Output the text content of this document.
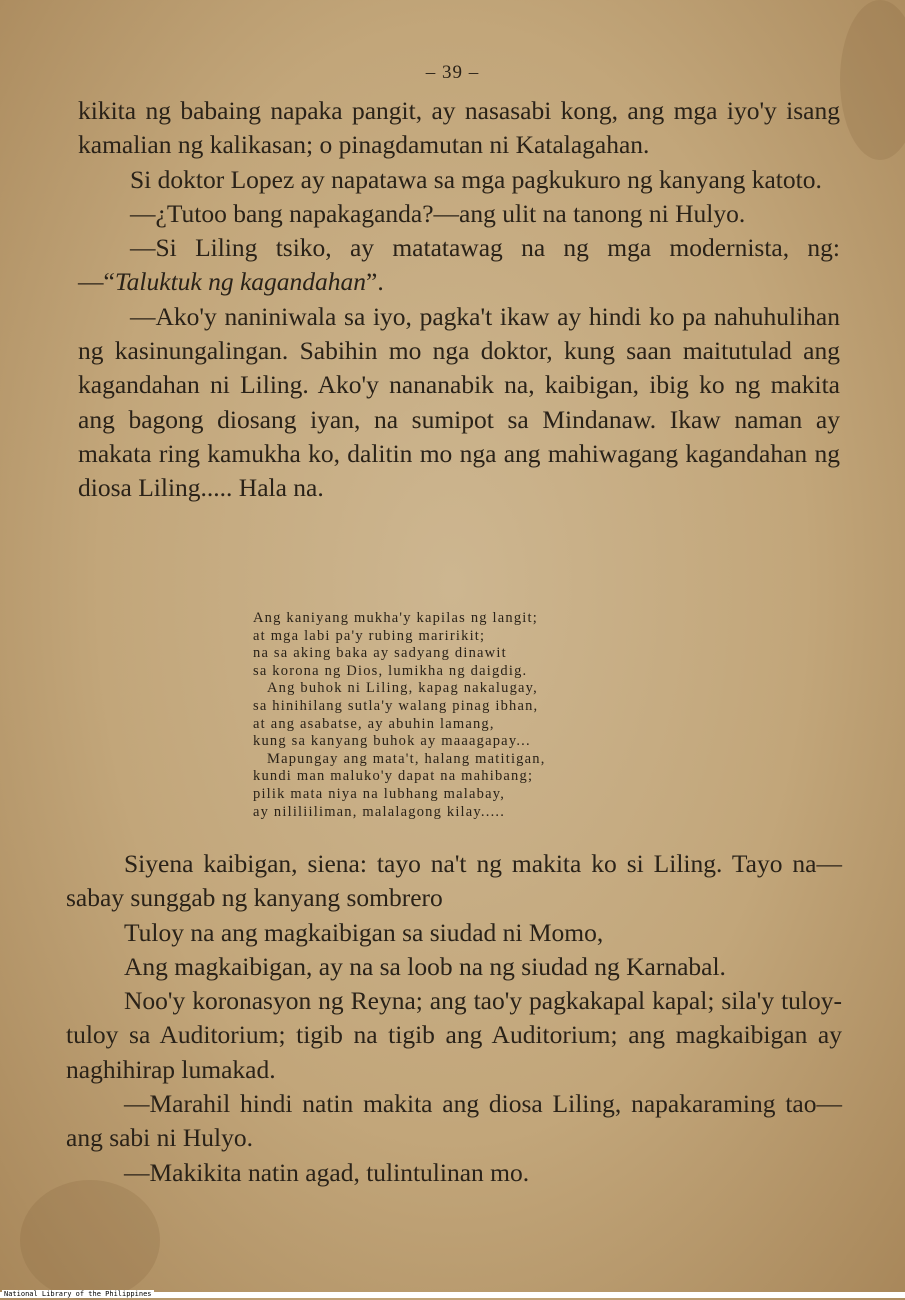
– 39 –

kikita ng babaing napaka pangit, ay nasasabi kong, ang mga iyo'y isang kamalian ng kalikasan; o pinagdamutan ni Katalagahan.

Si doktor Lopez ay napatawa sa mga pagkukuro ng kanyang katoto.

—¿Tutoo bang napakaganda?—ang ulit na tanong ni Hulyo.

—Si Liling tsiko, ay matatawag na ng mga modernista, ng:—“Taluktuk ng kagandahan”.

—Ako'y naniniwala sa iyo, pagka't ikaw ay hindi ko pa nahuhulihan ng kasinungalingan. Sabihin mo nga doktor, kung saan maitutulad ang kagandahan ni Liling. Ako'y nananabik na, kaibigan, ibig ko ng makita ang bagong diosang iyan, na sumipot sa Mindanaw. Ikaw naman ay makata ring kamukha ko, dalitin mo nga ang mahiwagang kagandahan ng diosa Liling..... Hala na.

Ang kaniyang mukha'y kapilas ng langit;

at mga labi pa'y rubing maririkit;

na sa aking baka ay sadyang dinawit

sa korona ng Dios, lumikha ng daigdig.

Ang buhok ni Liling, kapag nakalugay,

sa hinihilang sutla'y walang pinag ibhan,

at ang asabatse, ay abuhin lamang,

kung sa kanyang buhok ay maaagapay...

Mapungay ang mata't, halang matitigan,

kundi man maluko'y dapat na mahibang;

pilik mata niya na lubhang malabay,

ay nililiiliman, malalagong kilay.....

Siyena kaibigan, siena: tayo na't ng makita ko si Liling. Tayo na—sabay sunggab ng kanyang sombrero

Tuloy na ang magkaibigan sa siudad ni Momo,

Ang magkaibigan, ay na sa loob na ng siudad ng Karnabal.

Noo'y koronasyon ng Reyna; ang tao'y pagkakapal kapal; sila'y tuloy-tuloy sa Auditorium; tigib na tigib ang Auditorium; ang magkaibigan ay naghihirap lumakad.

—Marahil hindi natin makita ang diosa Liling, napakaraming tao—ang sabi ni Hulyo.

—Makikita natin agad, tulintulinan mo.

National Library of the Philippines
